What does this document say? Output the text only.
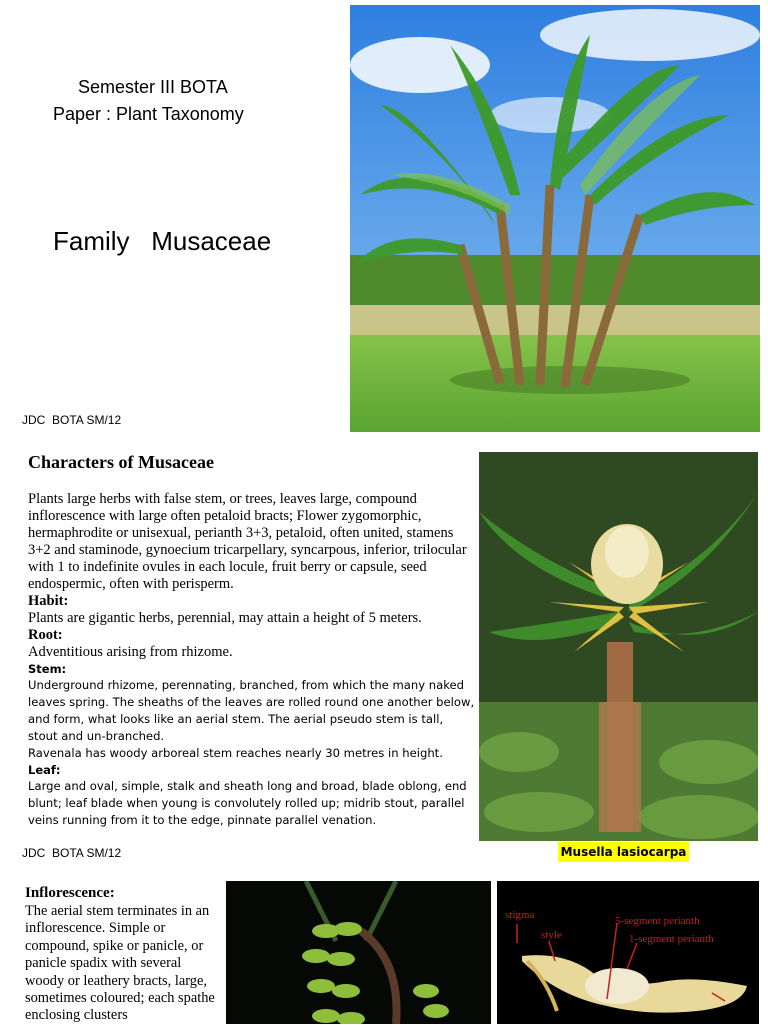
Semester III BOTA
Paper : Plant Taxonomy
Family   Musaceae
JDC  BOTA SM/12
Characters of Musaceae

Plants large herbs with false stem, or trees, leaves large, compound inflorescence with large often petaloid bracts; Flower zygomorphic, hermaphrodite or unisexual, perianth 3+3, petaloid, often united, stamens 3+2 and staminode, gynoecium tricarpellary, syncarpous, inferior, trilocular with 1 to indefinite ovules in each locule, fruit berry or capsule, seed endospermic, often with perisperm.

Habit:

Plants are gigantic herbs, perennial, may attain a height of 5 meters.

Root:

Adventitious arising from rhizome.

Stem:

Underground rhizome, perennating, branched, from which the many naked leaves spring. The sheaths of the leaves are rolled round one another below, and form, what looks like an aerial stem. The aerial pseudo stem is tall, stout and un-branched.

Ravenala has woody arboreal stem reaches nearly 30 metres in height.

Leaf:

Large and oval, simple, stalk and sheath long and broad, blade oblong, end blunt; leaf blade when young is convolutely rolled up; midrib stout, parallel veins running from it to the edge, pinnate parallel venation.

Musella lasiocarpa
JDC  BOTA SM/12
Inflorescence:
The aerial stem terminates in an inflorescence. Simple or compound, spike or panicle, or panicle spadix with several woody or leathery bracts, large, sometimes coloured; each spathe enclosing clusters
stigma
style
5-segment perianth
1-segment perianth
